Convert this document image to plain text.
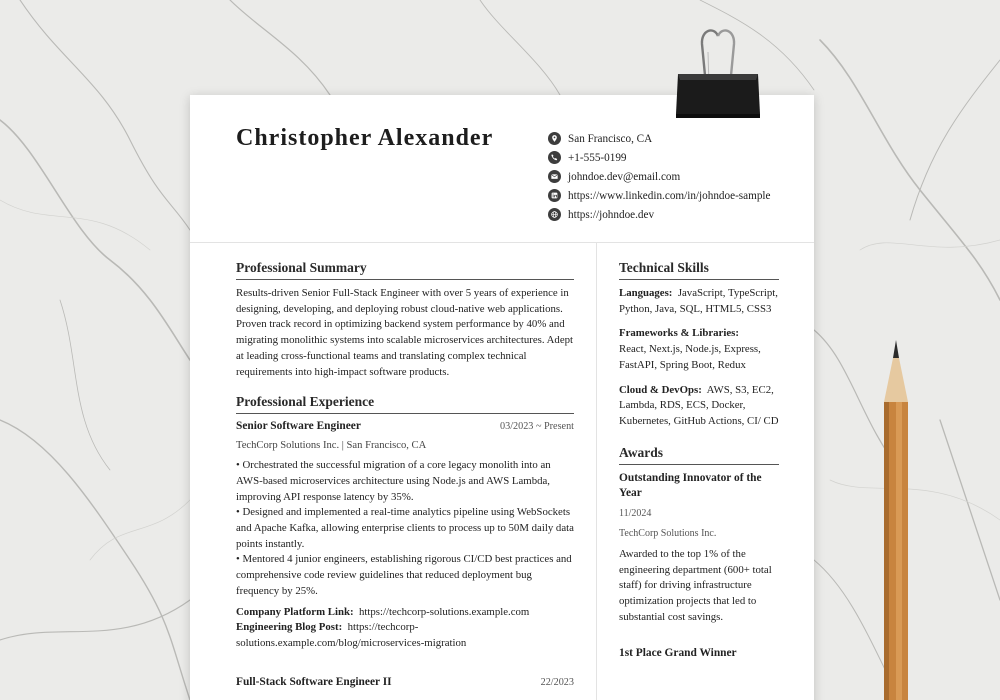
Christopher Alexander	San Francisco, CA
+1-555-0199
johndoe.dev@email.com
https://www.linkedin.com/in/johndoe-sample
https://johndoe.dev
Professional Summary
Results-driven Senior Full-Stack Engineer with over 5 years of experience in designing, developing, and deploying robust cloud-native web applications. Proven track record in optimizing backend system performance by 40% and migrating monolithic systems into scalable microservices architectures. Adept at leading cross-functional teams and translating complex technical requirements into high-impact software products.
Professional Experience
Senior Software Engineer	03/2023 ~ Present
TechCorp Solutions Inc. | San Francisco, CA
• Orchestrated the successful migration of a core legacy monolith into an AWS-based microservices architecture using Node.js and AWS Lambda, improving API response latency by 35%.
• Designed and implemented a real-time analytics pipeline using WebSockets and Apache Kafka, allowing enterprise clients to process up to 50M daily data points instantly.
• Mentored 4 junior engineers, establishing rigorous CI/CD best practices and comprehensive code review guidelines that reduced deployment bug frequency by 25%.
Company Platform Link: https://techcorp-solutions.example.com
Engineering Blog Post: https://techcorp-solutions.example.com/blog/microservices-migration
Full-Stack Software Engineer II	22/2023
Technical Skills
Languages: JavaScript, TypeScript, Python, Java, SQL, HTML5, CSS3
Frameworks & Libraries:
React, Next.js, Node.js, Express, FastAPI, Spring Boot, Redux
Cloud & DevOps: AWS, S3, EC2, Lambda, RDS, ECS, Docker, Kubernetes, GitHub Actions, CI/ CD
Awards
Outstanding Innovator of the Year
11/2024
TechCorp Solutions Inc.
Awarded to the top 1% of the engineering department (600+ total staff) for driving infrastructure optimization projects that led to substantial cost savings.
1st Place Grand Winner
